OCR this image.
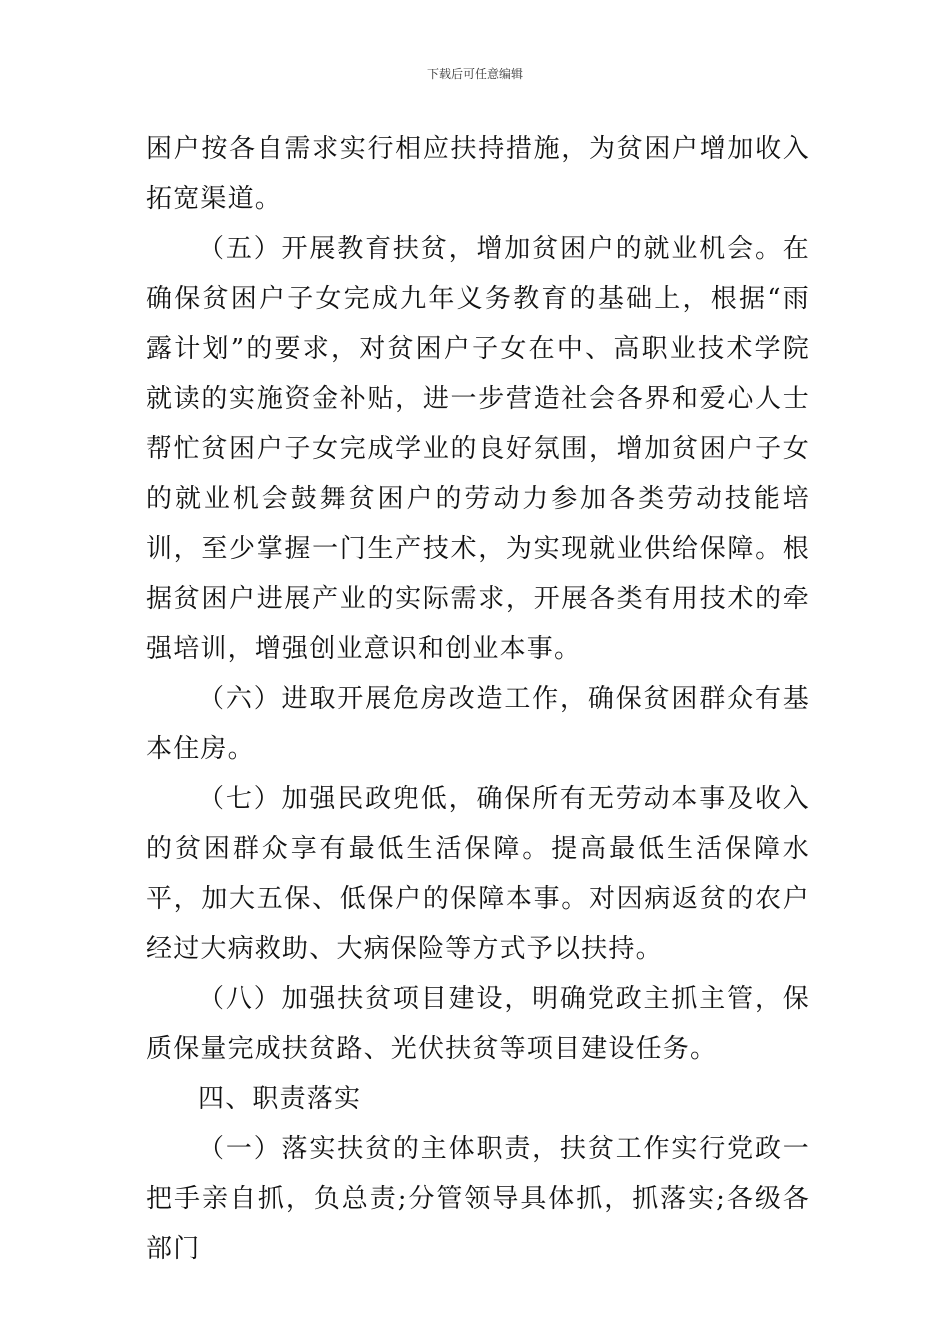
下载后可任意编辑

困户按各自需求实行相应扶持措施，为贫困户增加收入拓宽渠道。

（五）开展教育扶贫，增加贫困户的就业机会。在确保贫困户子女完成九年义务教育的基础上，根据“雨露计划”的要求，对贫困户子女在中、高职业技术学院就读的实施资金补贴，进一步营造社会各界和爱心人士帮忙贫困户子女完成学业的良好氛围，增加贫困户子女的就业机会鼓舞贫困户的劳动力参加各类劳动技能培训，至少掌握一门生产技术，为实现就业供给保障。根据贫困户进展产业的实际需求，开展各类有用技术的牵强培训，增强创业意识和创业本事。

（六）进取开展危房改造工作，确保贫困群众有基本住房。

（七）加强民政兜低，确保所有无劳动本事及收入的贫困群众享有最低生活保障。提高最低生活保障水平，加大五保、低保户的保障本事。对因病返贫的农户经过大病救助、大病保险等方式予以扶持。

（八）加强扶贫项目建设，明确党政主抓主管，保质保量完成扶贫路、光伏扶贫等项目建设任务。

四、职责落实

（一）落实扶贫的主体职责，扶贫工作实行党政一把手亲自抓，负总责;分管领导具体抓，抓落实;各级各部门
